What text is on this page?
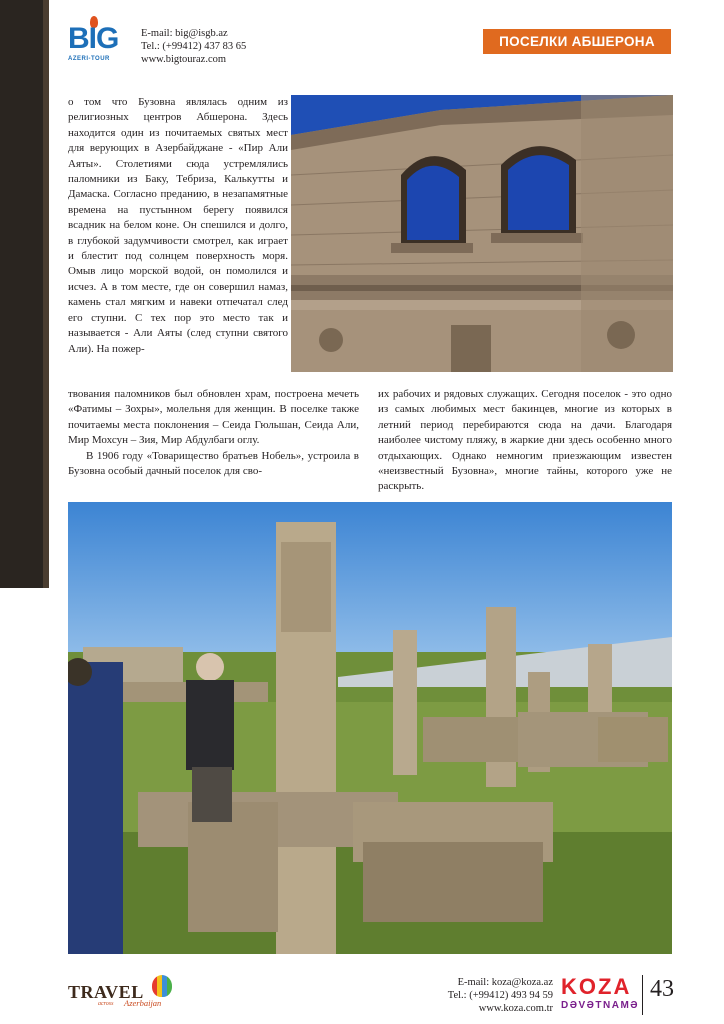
BIG
AZERI-TOUR
E-mail: big@isgb.az
Tel.: (+99412) 437 83 65
www.bigtouraz.com
ПОСЕЛКИ АБШЕРОНА

о том что Бузовна являлась одним из религиозных центров Абшерона. Здесь находится один из почитаемых святых мест для верующих в Азербайджане - «Пир Али Аяты». Столетиями сюда устремлялись паломники из Баку, Тебриза, Калькутты и Дамаска. Согласно преданию, в незапамятные времена на пустынном берегу появился всадник на белом коне. Он спешился и долго, в глубокой задумчивости смотрел, как играет и блестит под солнцем поверхность моря. Омыв лицо морской водой, он помолился и исчез. А в том месте, где он совершил намаз, камень стал мягким и навеки отпечатал след его ступни. С тех пор это место так и называется - Али Аяты (след ступни святого Али). На пожер-

твования паломников был обновлен храм, построена мечеть «Фатимы – Зохры», молельня для женщин. В поселке также почитаемы места поклонения – Сеида Гюльшан, Сеида Али, Мир Мохсун – Зия, Мир Абдулбаги оглу.

В 1906 году «Товарищество братьев Нобель», устроила в Бузовна особый дачный поселок для сво-

их рабочих и рядовых служащих. Сегодня поселок - это одно из самых любимых мест бакинцев, многие из которых в летний период перебираются сюда на дачи. Благодаря наиболее чистому пляжу, в жаркие дни здесь особенно много отдыхающих. Однако немногим приезжающим известен «неизвестный Бузовна», многие тайны, которого уже не раскрыть.

TRAVEL
across Azerbaijan
E-mail: koza@koza.az
Tel.: (+99412) 493 94 59
www.koza.com.tr
KOZA
DƏVƏTNAMƏ
43
